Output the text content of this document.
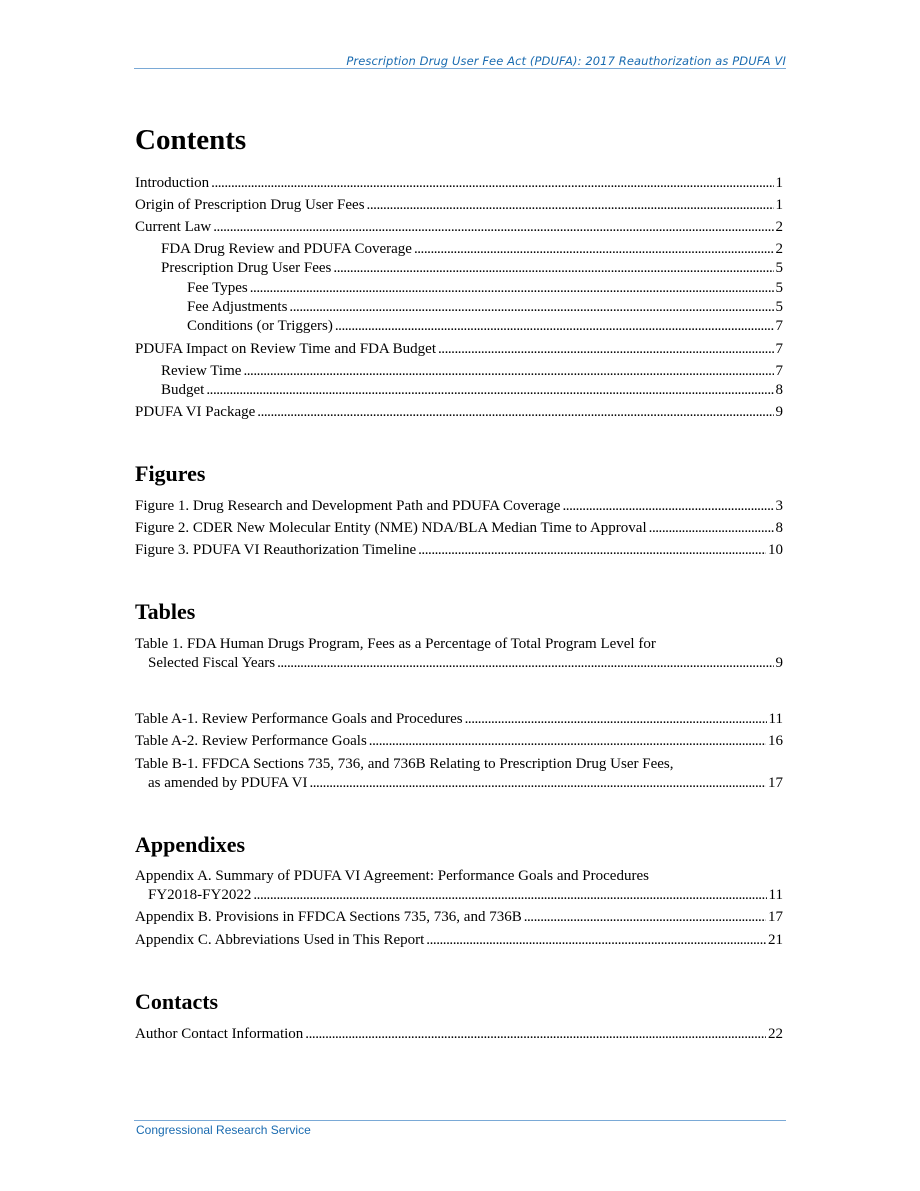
Prescription Drug User Fee Act (PDUFA): 2017 Reauthorization as PDUFA VI
Contents
Introduction . . .	1
Origin of Prescription Drug User Fees . . .	1
Current Law . . .	2
FDA Drug Review and PDUFA Coverage . . .	2
Prescription Drug User Fees . . .	5
Fee Types . . .	5
Fee Adjustments . . .	5
Conditions (or Triggers) . . .	7
PDUFA Impact on Review Time and FDA Budget . . .	7
Review Time . . .	7
Budget . . .	8
PDUFA VI Package . . .	9
Figures
Figure 1. Drug Research and Development Path and PDUFA Coverage . . .	3
Figure 2. CDER New Molecular Entity (NME) NDA/BLA Median Time to Approval . . .	8
Figure 3. PDUFA VI Reauthorization Timeline . . .	10
Tables
Table 1. FDA Human Drugs Program, Fees as a Percentage of Total Program Level for
Selected Fiscal Years . . .	9
Table A-1. Review Performance Goals and Procedures . . .	11
Table A-2. Review Performance Goals . . .	16
Table B-1. FFDCA Sections 735, 736, and 736B Relating to Prescription Drug User Fees,
as amended by PDUFA VI . . .	17
Appendixes
Appendix A. Summary of PDUFA VI Agreement: Performance Goals and Procedures
FY2018-FY2022 . . .	11
Appendix B. Provisions in FFDCA Sections 735, 736, and 736B . . .	17
Appendix C. Abbreviations Used in This Report . . .	21
Contacts
Author Contact Information . . .	22
Congressional Research Service
